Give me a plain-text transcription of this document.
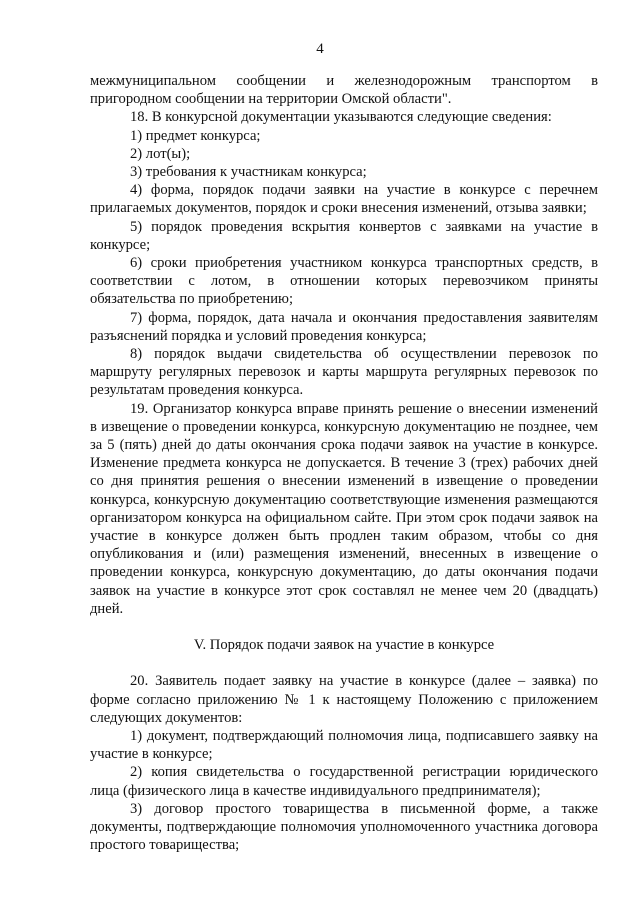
4

межмуниципальном сообщении и железнодорожным транспортом в пригородном сообщении на территории Омской области".

18. В конкурсной документации указываются следующие сведения:

1) предмет конкурса;

2) лот(ы);

3) требования к участникам конкурса;

4) форма, порядок подачи заявки на участие в конкурсе с перечнем прилагаемых документов, порядок и сроки внесения изменений, отзыва заявки;

5) порядок проведения вскрытия конвертов с заявками на участие в конкурсе;

6) сроки приобретения участником конкурса транспортных средств, в соответствии с лотом, в отношении которых перевозчиком приняты обязательства по приобретению;

7) форма, порядок, дата начала и окончания предоставления заявителям разъяснений порядка и условий проведения конкурса;

8) порядок выдачи свидетельства об осуществлении перевозок по маршруту регулярных перевозок и карты маршрута регулярных перевозок по результатам проведения конкурса.

19. Организатор конкурса вправе принять решение о внесении изменений в извещение о проведении конкурса, конкурсную документацию не позднее, чем за 5 (пять) дней до даты окончания срока подачи заявок на участие в конкурсе. Изменение предмета конкурса не допускается. В течение 3 (трех) рабочих дней со дня принятия решения о внесении изменений в извещение о проведении конкурса, конкурсную документацию соответствующие изменения размещаются организатором конкурса на официальном сайте. При этом срок подачи заявок на участие в конкурсе должен быть продлен таким образом, чтобы со дня опубликования и (или) размещения изменений, внесенных в извещение о проведении конкурса, конкурсную документацию, до даты окончания подачи заявок на участие в конкурсе этот срок составлял не менее чем 20 (двадцать) дней.

V. Порядок подачи заявок на участие в конкурсе

20. Заявитель подает заявку на участие в конкурсе (далее – заявка) по форме согласно приложению № 1 к настоящему Положению с приложением следующих документов:

1) документ, подтверждающий полномочия лица, подписавшего заявку на участие в конкурсе;

2) копия свидетельства о государственной регистрации юридического лица (физического лица в качестве индивидуального предпринимателя);

3) договор простого товарищества в письменной форме, а также документы, подтверждающие полномочия уполномоченного участника договора простого товарищества;
